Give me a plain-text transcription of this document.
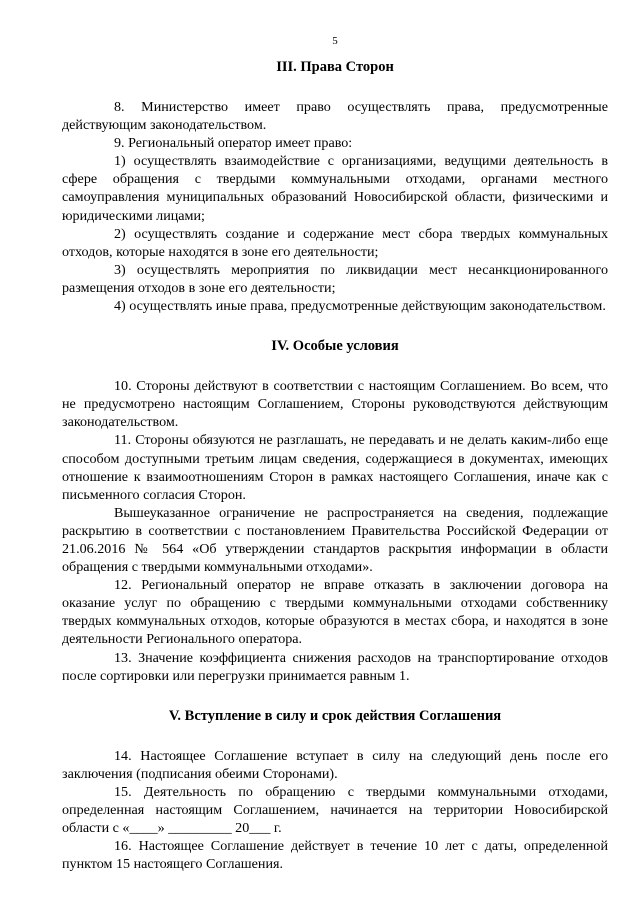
5
III. Права Сторон

8. Министерство имеет право осуществлять права, предусмотренные действующим законодательством.

9. Региональный оператор имеет право:

1) осуществлять взаимодействие с организациями, ведущими деятельность в сфере обращения с твердыми коммунальными отходами, органами местного самоуправления муниципальных образований Новосибирской области, физическими и юридическими лицами;

2) осуществлять создание и содержание мест сбора твердых коммунальных отходов, которые находятся в зоне его деятельности;

3) осуществлять мероприятия по ликвидации мест несанкционированного размещения отходов в зоне его деятельности;

4) осуществлять иные права, предусмотренные действующим законодательством.

IV. Особые условия

10. Стороны действуют в соответствии с настоящим Соглашением. Во всем, что не предусмотрено настоящим Соглашением, Стороны руководствуются действующим законодательством.

11. Стороны обязуются не разглашать, не передавать и не делать каким-либо еще способом доступными третьим лицам сведения, содержащиеся в документах, имеющих отношение к взаимоотношениям Сторон в рамках настоящего Соглашения, иначе как с письменного согласия Сторон.

Вышеуказанное ограничение не распространяется на сведения, подлежащие раскрытию в соответствии с постановлением Правительства Российской Федерации от 21.06.2016 № 564 «Об утверждении стандартов раскрытия информации в области обращения с твердыми коммунальными отходами».

12. Региональный оператор не вправе отказать в заключении договора на оказание услуг по обращению с твердыми коммунальными отходами собственнику твердых коммунальных отходов, которые образуются в местах сбора, и находятся в зоне деятельности Регионального оператора.

13. Значение коэффициента снижения расходов на транспортирование отходов после сортировки или перегрузки принимается равным 1.

V. Вступление в силу и срок действия Соглашения

14. Настоящее Соглашение вступает в силу на следующий день после его заключения (подписания обеими Сторонами).

15. Деятельность по обращению с твердыми коммунальными отходами, определенная настоящим Соглашением, начинается на территории Новосибирской области с «____» _________ 20___ г.

16. Настоящее Соглашение действует в течение 10 лет с даты, определенной пунктом 15 настоящего Соглашения.
